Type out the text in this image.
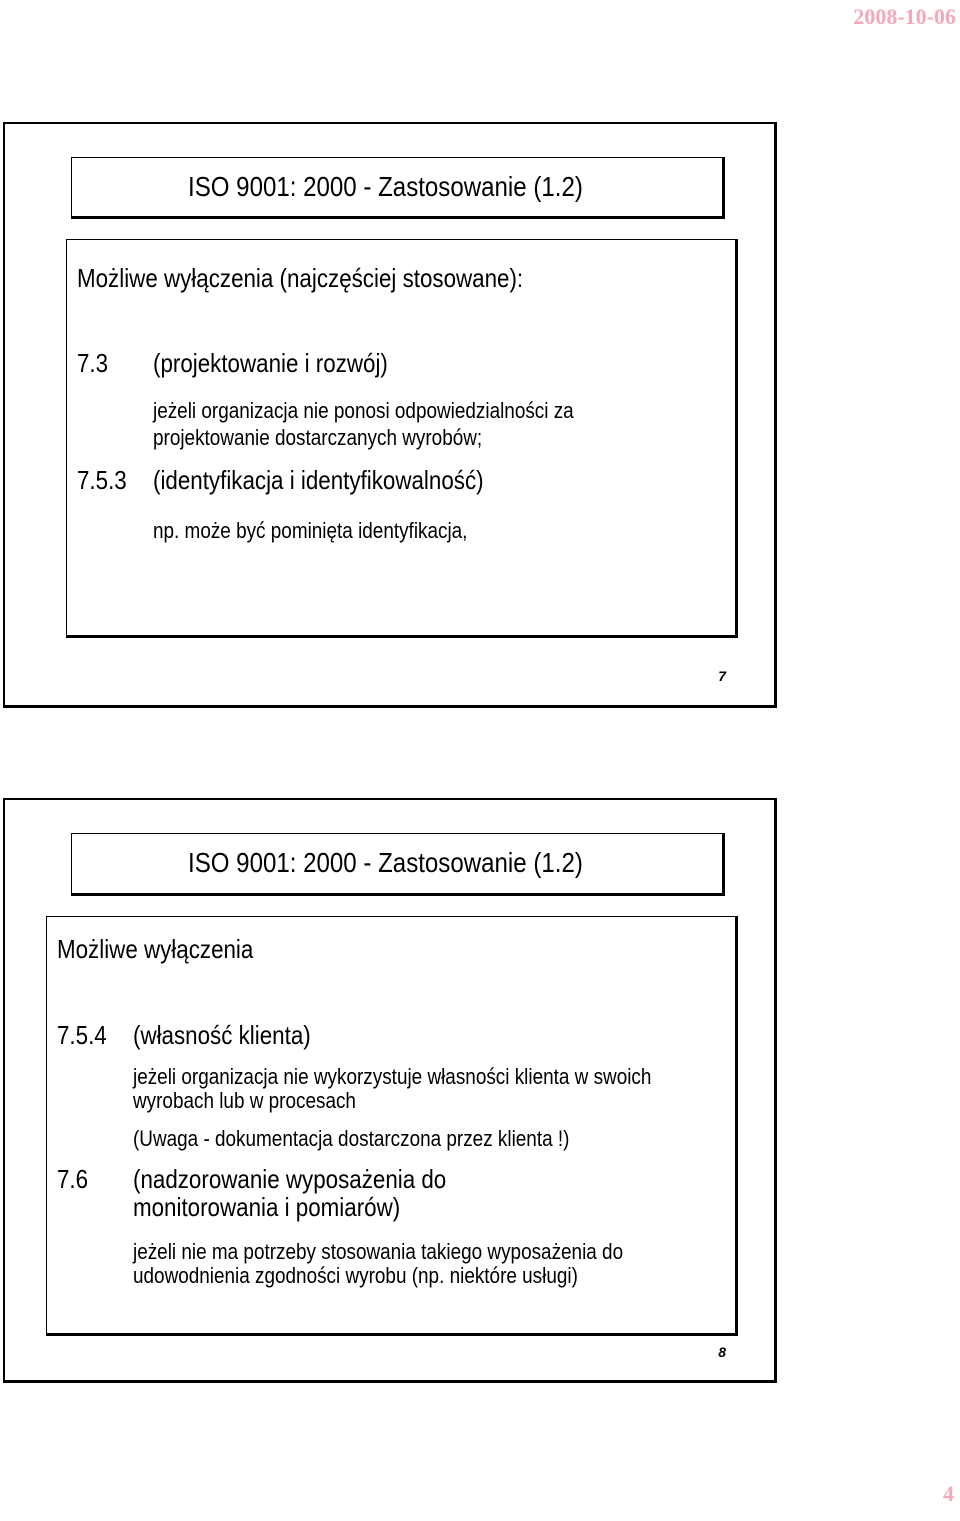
2008-10-06
ISO 9001: 2000 - Zastosowanie (1.2)
Możliwe wyłączenia (najczęściej stosowane):
7.3 (projektowanie i rozwój)
jeżeli organizacja nie ponosi odpowiedzialności za
projektowanie dostarczanych wyrobów;
7.5.3 (identyfikacja i identyfikowalność)
np. może być pominięta identyfikacja,
7
ISO 9001: 2000 - Zastosowanie (1.2)
Możliwe wyłączenia
7.5.4 (własność klienta)
jeżeli organizacja nie wykorzystuje własności klienta w swoich
wyrobach lub w procesach
(Uwaga - dokumentacja dostarczona przez klienta !)
7.6 (nadzorowanie wyposażenia do
monitorowania i pomiarów)
jeżeli nie ma potrzeby stosowania takiego wyposażenia do
udowodnienia zgodności wyrobu (np. niektóre usługi)
8
4
